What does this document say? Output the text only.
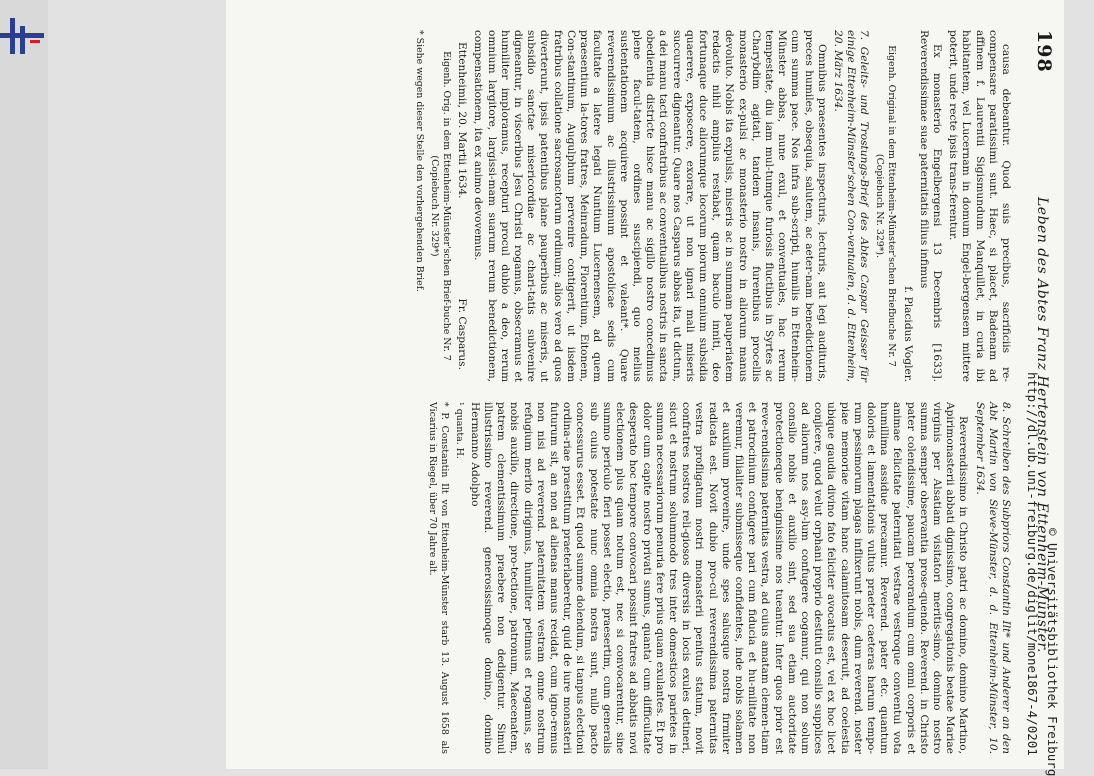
198
Leben des Abtes Franz Hertenstein von Ettenheim-Münster.

causa debeantur. Quod suis precibus, sacrificiis re-compensare paratissimi sunt. Haec, si placet, Badenam ad affinem f. Laurentii Sigismundum Manquillet, in curia ibi habitantem, vel Lucernam in domum Engel-bergensem mittere poterit, unde recte ipsis trans-ferentur.

Ex monasterio Engelbergensi 13 Decembris [1633]. Reverendissimae suae paternitatis filius infimus

f. Placidus Vogler.

Eigenh. Original in dem Ettenheim-Münster'schen Briefbuche Nr. 7 (Copiebuch Nr. 329*).

7. Geleits- und Trostungs-Brief des Abtes Caspar Geisser für einige Ettenheim-Münster'schen Con-ventualen, d. d. Ettenheim, 20. März 1634.

Omnibus praesentes inspecturis, lecturis, aut legi audituris, preces humiles, obsequia, salutem, ac aeter-nam benedictionem cum summa pace. Nos infra sub-scripti, humilis in Ettenheim-Münster abbas, nune exul, et conventuales, hac rerum tempestate, diu iam mul-tumque furiosis fluctibus in Syrtes ac Charybdim agitati, tandem insanis, furentibus procellis monasterio ex-pulsi ac monasterio nostro in aliorum manus devoluto. Nobis ita expulsis, miseris ac in summam pauperiatem redactis nihil amplius restabat, quam baculo inniti, deo fortunaque duce aliorumque locorum piorum omnium subsidia quaerere, exposcere, exorare, ut non ignari mali miseris succurrere digneantur. Quare nos Casparus abbas ita, ut dictum, a dei manu tacti confratribus ac conventualibus nostris in sancta obedientia districte hisce manu ac sigillo nostro concedimus plene facul-tatem, ordines suscipiendi, quo melius sustentationem acquirere possint et valeant*. Quare reverendissimum ac illustrissimum apostolicae sedis cum facultate a latere legati Nuntium Lucernensem, ad quem praesentium la-tores fratres, Meinradum, Florentium, Eitonem, Con-stantinum, Augulphum pervenire contigerit, ut iisdem fratribus collatione sacrosanctorum ordinum; alios vero ad quos diverterunt, ipsis patentibus plane pauperibus ac miseris, ut subsidio sanctae misericordiae ac chari-tatis subvenire digneantur, in visceribus Jesu Christi rogamus, obsecramus et humiliter imploramus, recepturi procul dubio a deo, rerum omnium largitore, largissi-mam suarum rerum benedictionem, compensationem, ita ex animo devovemus.

Ettenheimii, 20. Martii 1634.
Fr. Casparus.

Eigenh. Orig. in dem Ettenheim-Münster'schen Brief-buche Nr. 7 (Copiebuch Nr. 329*)

* Siehe wegen dieser Stelle den vorhergehenden Brief.

8. Schreiben des Subpriors Constantin Ilt* und Anderer an den Abt Martin von Sieve-Münster, d. d. Ettenheim-Münster, 10. September 1634.

Reverendissimo in Christo patri ac domino, domino Martino, Apirimonasterii abbati dignissimo, congregationis beatae Mariae virginis per Alsatiam visitatori meritis-simo, domino nostro summa semper observantia prose-quendo. Reverend. in Christo pater colendissime, paucam perorandum cum omni corporis et animae felicitate paternitati vestrae vestroque conventui vota humillima assidue precamur. Reverend. pater etc. quantum doloris et lamentationis vultus praeter caeteras harum tempo-rum pessimorum plagas inflixerunt nobis, dum reverend. noster piae memoriae vitam hanc calamitosam deseruit, ad coelestia ubique gaudia divino fato feliciter avocatus est, vel ex hoc licet conjicere, quod velut orphani proprio destituti consilio supplices ad aliorum nos asy-lum confugere cogamur, qui non solum consilio nobis et auxilio sint, sed sua etiam auctoritate protectioneque benignissime nos tueantur. Inter quos prior est reve-rendissima paternitas vestra, ad cuius amatam clemen-tiam et patrocinium confugere pari cum fiducia et hu-militate non veremur, filialiter submisseque confidentes, inde nobis solamen et auxilium provenire, unde spes salusque nostra firmiter radicata est. Novit dubio pro-cul reverendissima paternitas vestra profligatum nostri monasterii penitus statum, novit confratres nostros reli-giosos diversis in locis exules detineri, sicut et nostrum solummodo tres inter domesticos parietes in summa necessariorum penuria fere prius quam exulantes. Et pro dolor cum capite nostro privati sumus, quanta' cum difficultate desperato hoc tempore convocari possint fratres ad abbatis novi electionem plus quam notum est, nec si convocarentur, sine summo periculo fieri posset electio, praesertim, cum generalis sub cuius potestate nunc omnia nostra sunt, nullo pacto concessurus esset. Et quod summe dolendum, si tanpus electioni ordina-riae praestitum praeterlaberetur, quid de iure monasterii futurum sit, an non ad alienas manus recidat, cum igno-remus non nisi ad reverend. paternitatem vestram omne nostrum refugium merito dirigimus, humiliter petimus et rogamus, se nobis auxilio, directione, pro-tectione, patronum, Maecenatem, patrem clementissimum praebere non dedigentur. Simul illustrissimo reverend. generosissimoque domino, domino Hermanno Adolpho

¹ quanta. H.

* P. Constantin Ilt von Ettenheim-Münster starb 13. August 1658 als Vicarius in Riegel, über 70 Jahre alt.	http://dl.ub.uni-freiburg.de/diglit/mone1867-4/0201 © Universitätsbibliothek Freiburg
